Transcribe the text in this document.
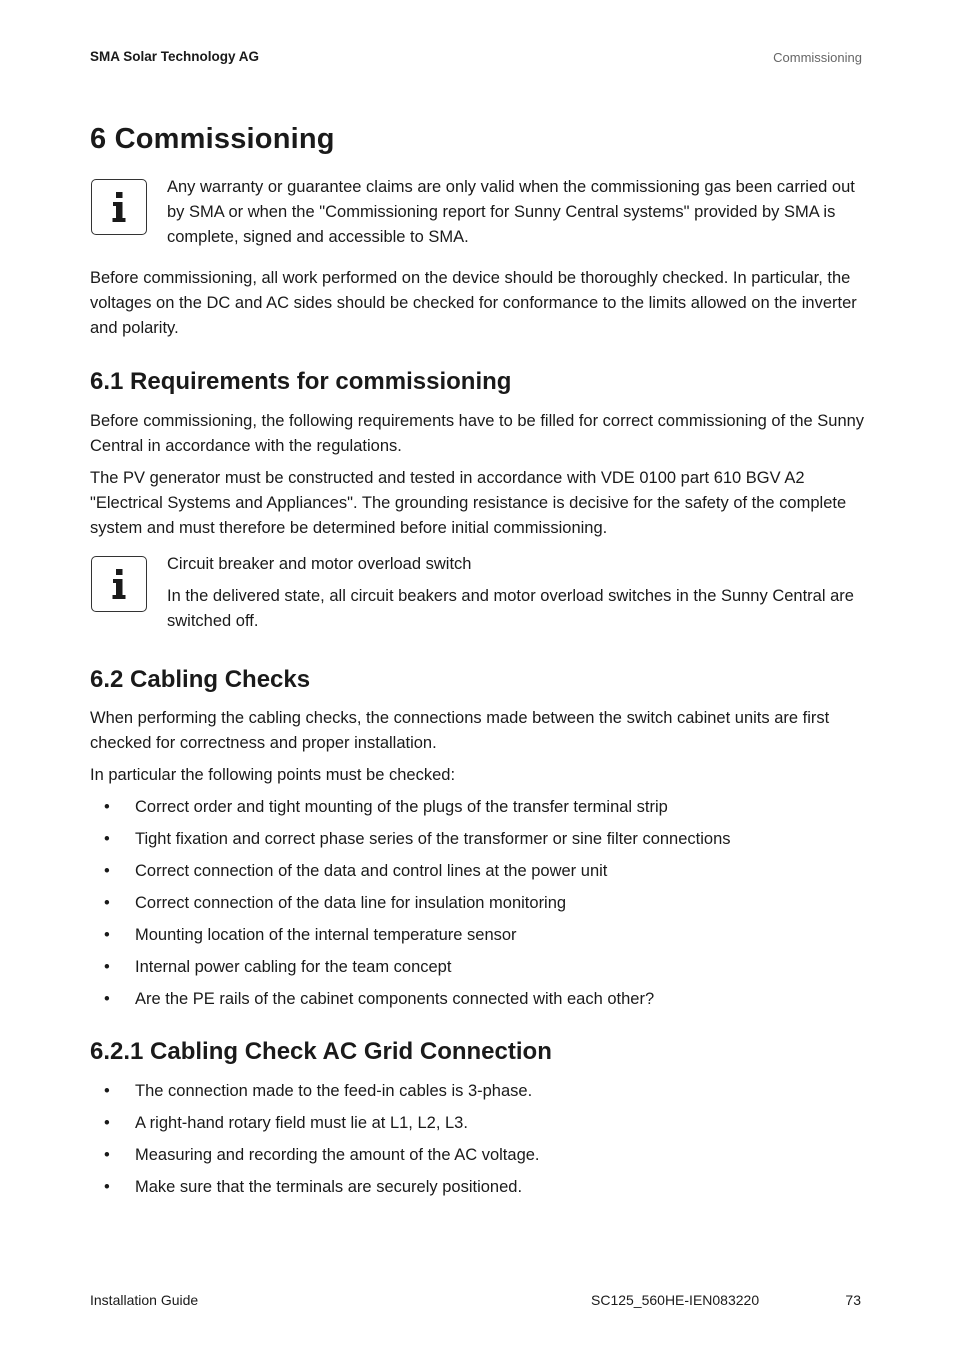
SMA Solar Technology AG	Commissioning
6 Commissioning

Any warranty or guarantee claims are only valid when the commissioning gas been carried out by SMA or when the "Commissioning report for Sunny Central systems" provided by SMA is complete, signed and accessible to SMA.

Before commissioning, all work performed on the device should be thoroughly checked. In particular, the voltages on the DC and AC sides should be checked for conformance to the limits allowed on the inverter and polarity.

6.1 Requirements for commissioning

Before commissioning, the following requirements have to be filled for correct commissioning of the Sunny Central in accordance with the regulations.

The PV generator must be constructed and tested in accordance with VDE 0100 part 610 BGV A2 "Electrical Systems and Appliances". The grounding resistance is decisive for the safety of the complete system and must therefore be determined before initial commissioning.

Circuit breaker and motor overload switch

In the delivered state, all circuit beakers and motor overload switches in the Sunny Central are switched off.

6.2 Cabling Checks

When performing the cabling checks, the connections made between the switch cabinet units are first checked for correctness and proper installation.

In particular the following points must be checked:

• Correct order and tight mounting of the plugs of the transfer terminal strip
• Tight fixation and correct phase series of the transformer or sine filter connections
• Correct connection of the data and control lines at the power unit
• Correct connection of the data line for insulation monitoring
• Mounting location of the internal temperature sensor
• Internal power cabling for the team concept
• Are the PE rails of the cabinet components connected with each other?
6.2.1 Cabling Check AC Grid Connection
• The connection made to the feed-in cables is 3-phase.
• A right-hand rotary field must lie at L1, L2, L3.
• Measuring and recording the amount of the AC voltage.
• Make sure that the terminals are securely positioned.
Installation Guide	SC125_560HE-IEN083220	73
